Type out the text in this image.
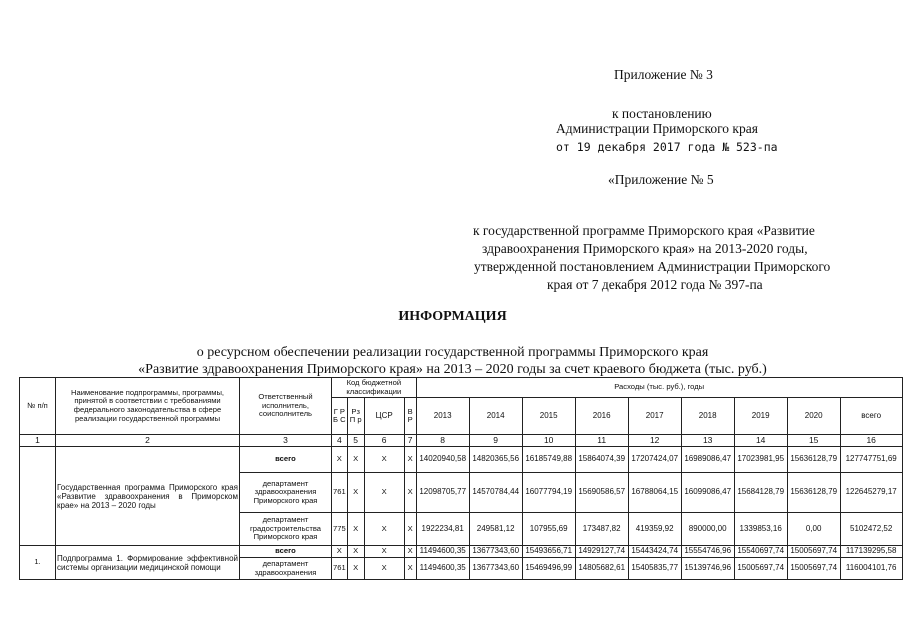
Приложение № 3
к постановлению
Администрации Приморского края
от 19 декабря 2017 года № 523-па
«Приложение № 5
к государственной программе Приморского края «Развитие
здравоохранения Приморского края» на 2013-2020 годы,
утвержденной постановлением Администрации Приморского
края от 7 декабря 2012 года № 397-па
ИНФОРМАЦИЯ
о ресурсном обеспечении реализации государственной программы Приморского края
«Развитие здравоохранения Приморского края» на 2013 – 2020 годы за счет краевого бюджета (тыс. руб.)
№ п/п	Наименование подпрограммы, программы, принятой в соответствии с требованиями федерального законодательства в сфере реализации государственной программы	Ответственный исполнитель, соисполнитель	Код бюджетной классификации				Расходы (тыс. руб.), годы								
			Г Р Б С	Рз П р	ЦСР	В Р	2013	2014	2015	2016	2017	2018	2019	2020	всего
1	2	3	4	5	6	7	8	9	10	11	12	13	14	15	16
	Государственная программа Приморского края «Развитие здравоохранения в Приморском крае» на 2013 – 2020 годы	всего	X	X	X	X	14020940,58	14820365,56	16185749,88	15864074,39	17207424,07	16989086,47	17023981,95	15636128,79	127747751,69
		департамент здравоохранения Приморского края	761	X	X	X	12098705,77	14570784,44	16077794,19	15690586,57	16788064,15	16099086,47	15684128,79	15636128,79	122645279,17
		департамент градостроительства Приморского края	775	X	X	X	1922234,81	249581,12	107955,69	173487,82	419359,92	890000,00	1339853,16	0,00	5102472,52
1.	Подпрограмма 1. Формирование эффективной системы организации медицинской помощи	всего	X	X	X	X	11494600,35	13677343,60	15493656,71	14929127,74	15443424,74	15554746,96	15540697,74	15005697,74	117139295,58
		департамент здравоохранения	761	X	X	X	11494600,35	13677343,60	15469496,99	14805682,61	15405835,77	15139746,96	15005697,74	15005697,74	116004101,76
